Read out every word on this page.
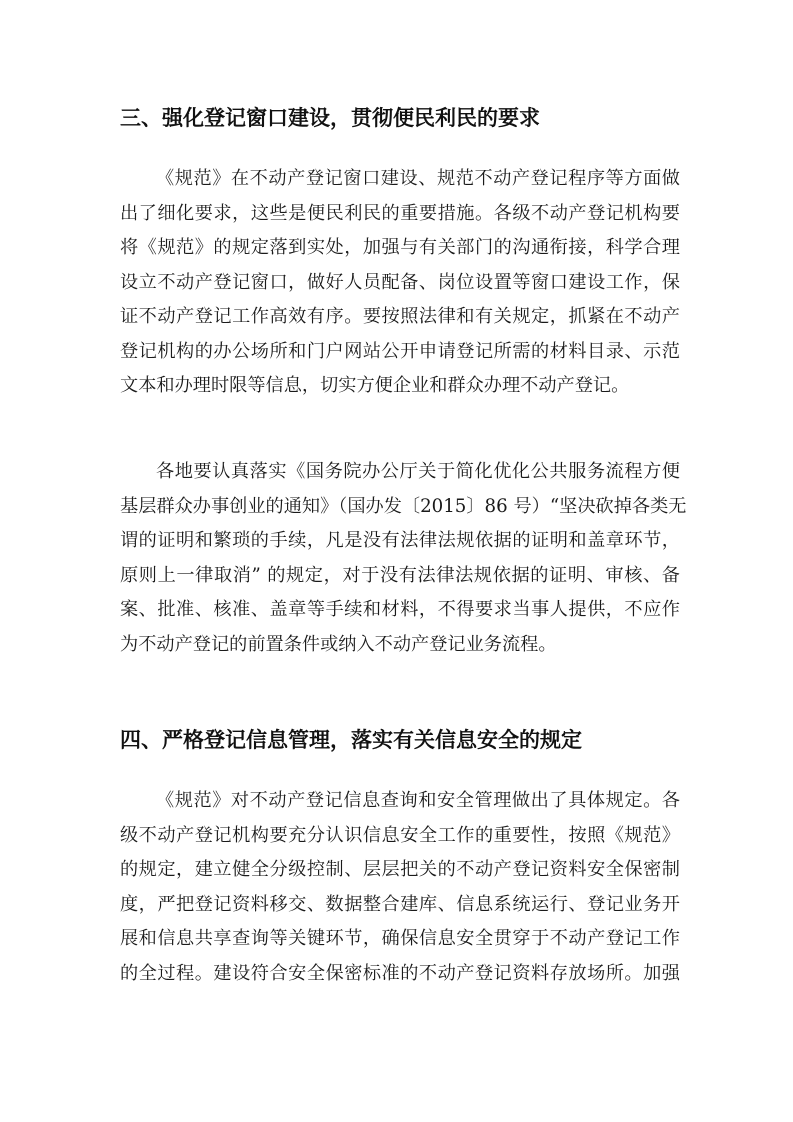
三、强化登记窗口建设，贯彻便民利民的要求
《规范》在不动产登记窗口建设、规范不动产登记程序等方面做
出了细化要求，这些是便民利民的重要措施。各级不动产登记机构要
将《规范》的规定落到实处，加强与有关部门的沟通衔接，科学合理
设立不动产登记窗口，做好人员配备、岗位设置等窗口建设工作，保
证不动产登记工作高效有序。要按照法律和有关规定，抓紧在不动产
登记机构的办公场所和门户网站公开申请登记所需的材料目录、示范
文本和办理时限等信息，切实方便企业和群众办理不动产登记。
各地要认真落实《国务院办公厅关于简化优化公共服务流程方便
基层群众办事创业的通知》（国办发〔2015〕86 号）“坚决砍掉各类无
谓的证明和繁琐的手续，凡是没有法律法规依据的证明和盖章环节，
原则上一律取消” 的规定，对于没有法律法规依据的证明、审核、备
案、批准、核准、盖章等手续和材料，不得要求当事人提供，不应作
为不动产登记的前置条件或纳入不动产登记业务流程。
四、严格登记信息管理，落实有关信息安全的规定
《规范》对不动产登记信息查询和安全管理做出了具体规定。各
级不动产登记机构要充分认识信息安全工作的重要性，按照《规范》
的规定，建立健全分级控制、层层把关的不动产登记资料安全保密制
度，严把登记资料移交、数据整合建库、信息系统运行、登记业务开
展和信息共享查询等关键环节，确保信息安全贯穿于不动产登记工作
的全过程。建设符合安全保密标准的不动产登记资料存放场所。加强
